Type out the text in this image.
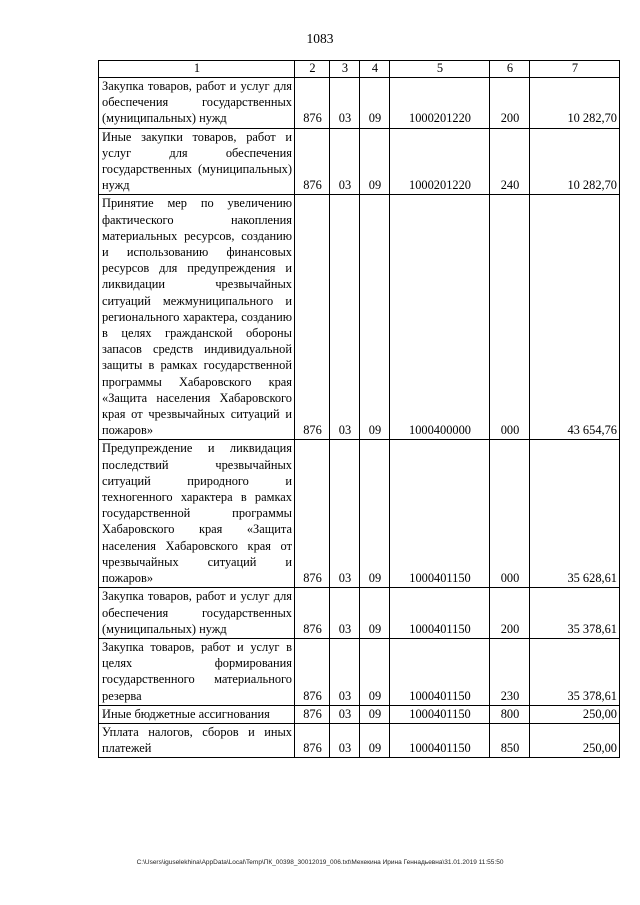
1083
1	2	3	4	5	6	7
Закупка товаров, работ и услуг для обеспечения государственных (муниципальных) нужд	876	03	09	1000201220	200	10 282,70
Иные закупки товаров, работ и услуг для обеспечения государственных (муниципальных) нужд	876	03	09	1000201220	240	10 282,70
Принятие мер по увеличению фактического накопления материальных ресурсов, созданию и использованию финансовых ресурсов для предупреждения и ликвидации чрезвычайных ситуаций межмуниципального и регионального характера, созданию в целях гражданской обороны запасов средств индивидуальной защиты в рамках государственной программы Хабаровского края «Защита населения Хабаровского края от чрезвычайных ситуаций и пожаров»	876	03	09	1000400000	000	43 654,76
Предупреждение и ликвидация последствий чрезвычайных ситуаций природного и техногенного характера в рамках государственной программы Хабаровского края «Защита населения Хабаровского края от чрезвычайных ситуаций и пожаров»	876	03	09	1000401150	000	35 628,61
Закупка товаров, работ и услуг для обеспечения государственных (муниципальных) нужд	876	03	09	1000401150	200	35 378,61
Закупка товаров, работ и услуг в целях формирования государственного материального резерва	876	03	09	1000401150	230	35 378,61
Иные бюджетные ассигнования	876	03	09	1000401150	800	250,00
Уплата налогов, сборов и иных платежей	876	03	09	1000401150	850	250,00
C:\Users\iguselekhina\AppData\Local\Temp\ПК_00398_30012019_006.txt\Мехекина Ирина Геннадьевна\31.01.2019 11:55:50
